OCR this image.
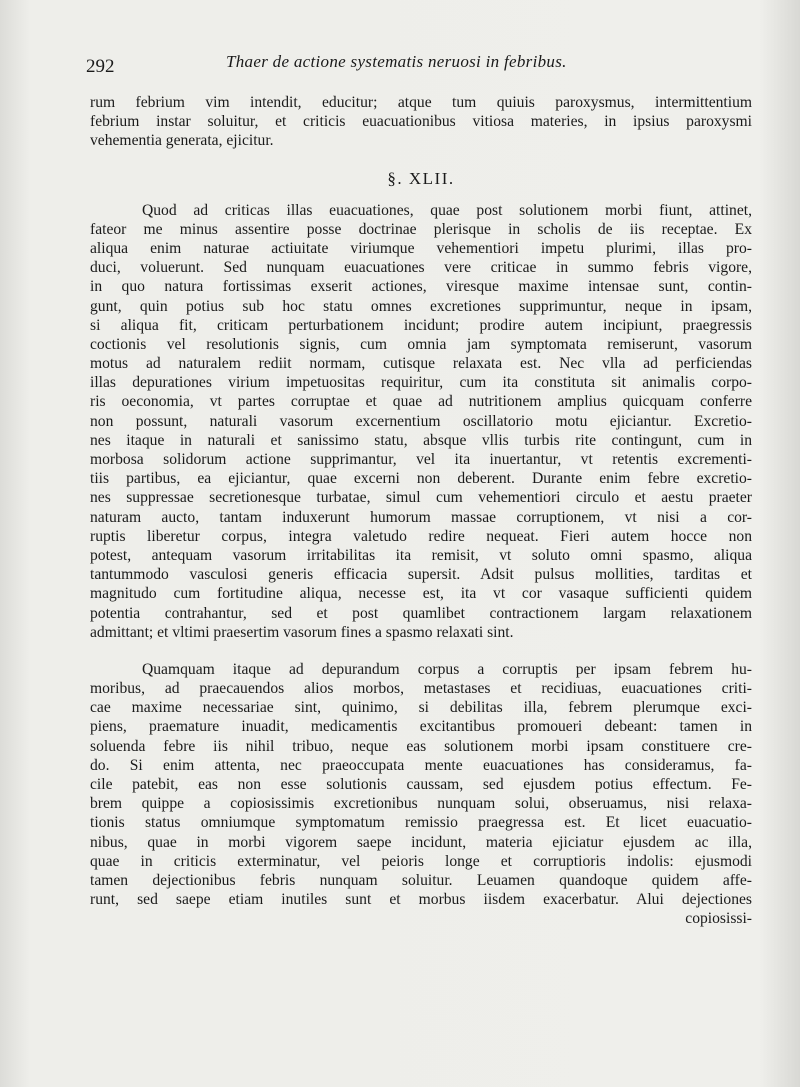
292	Thaer de actione systematis neruosi in febribus.
rum febrium vim intendit, educitur; atque tum quiuis paroxysmus, intermittentium
febrium instar soluitur, et criticis euacuationibus vitiosa materies, in ipsius paroxysmi
vehementia generata, ejicitur.
§. XLII.
Quod ad criticas illas euacuationes, quae post solutionem morbi fiunt, attinet,
fateor me minus assentire posse doctrinae plerisque in scholis de iis receptae. Ex
aliqua enim naturae actiuitate viriumque vehementiori impetu plurimi, illas pro-
duci, voluerunt. Sed nunquam euacuationes vere criticae in summo febris vigore,
in quo natura fortissimas exserit actiones, viresque maxime intensae sunt, contin-
gunt, quin potius sub hoc statu omnes excretiones supprimuntur, neque in ipsam,
si aliqua fit, criticam perturbationem incidunt; prodire autem incipiunt, praegressis
coctionis vel resolutionis signis, cum omnia jam symptomata remiserunt, vasorum
motus ad naturalem rediit normam, cutisque relaxata est. Nec vlla ad perficiendas
illas depurationes virium impetuositas requiritur, cum ita constituta sit animalis corpo-
ris oeconomia, vt partes corruptae et quae ad nutritionem amplius quicquam conferre
non possunt, naturali vasorum excernentium oscillatorio motu ejiciantur. Excretio-
nes itaque in naturali et sanissimo statu, absque vllis turbis rite contingunt, cum in
morbosa solidorum actione supprimantur, vel ita inuertantur, vt retentis excrementi-
tiis partibus, ea ejiciantur, quae excerni non deberent. Durante enim febre excretio-
nes suppressae secretionesque turbatae, simul cum vehementiori circulo et aestu praeter
naturam aucto, tantam induxerunt humorum massae corruptionem, vt nisi a cor-
ruptis liberetur corpus, integra valetudo redire nequeat. Fieri autem hocce non
potest, antequam vasorum irritabilitas ita remisit, vt soluto omni spasmo, aliqua
tantummodo vasculosi generis efficacia supersit. Adsit pulsus mollities, tarditas et
magnitudo cum fortitudine aliqua, necesse est, ita vt cor vasaque sufficienti quidem
potentia contrahantur, sed et post quamlibet contractionem largam relaxationem
admittant; et vltimi praesertim vasorum fines a spasmo relaxati sint.
Quamquam itaque ad depurandum corpus a corruptis per ipsam febrem hu-
moribus, ad praecauendos alios morbos, metastases et recidiuas, euacuationes criti-
cae maxime necessariae sint, quinimo, si debilitas illa, febrem plerumque exci-
piens, praemature inuadit, medicamentis excitantibus promoueri debeant: tamen in
soluenda febre iis nihil tribuo, neque eas solutionem morbi ipsam constituere cre-
do. Si enim attenta, nec praeoccupata mente euacuationes has consideramus, fa-
cile patebit, eas non esse solutionis caussam, sed ejusdem potius effectum. Fe-
brem quippe a copiosissimis excretionibus nunquam solui, obseruamus, nisi relaxa-
tionis status omniumque symptomatum remissio praegressa est. Et licet euacuatio-
nibus, quae in morbi vigorem saepe incidunt, materia ejiciatur ejusdem ac illa,
quae in criticis exterminatur, vel peioris longe et corruptioris indolis: ejusmodi
tamen dejectionibus febris nunquam soluitur. Leuamen quandoque quidem affe-
runt, sed saepe etiam inutiles sunt et morbus iisdem exacerbatur. Alui dejectiones
copiosissi-
